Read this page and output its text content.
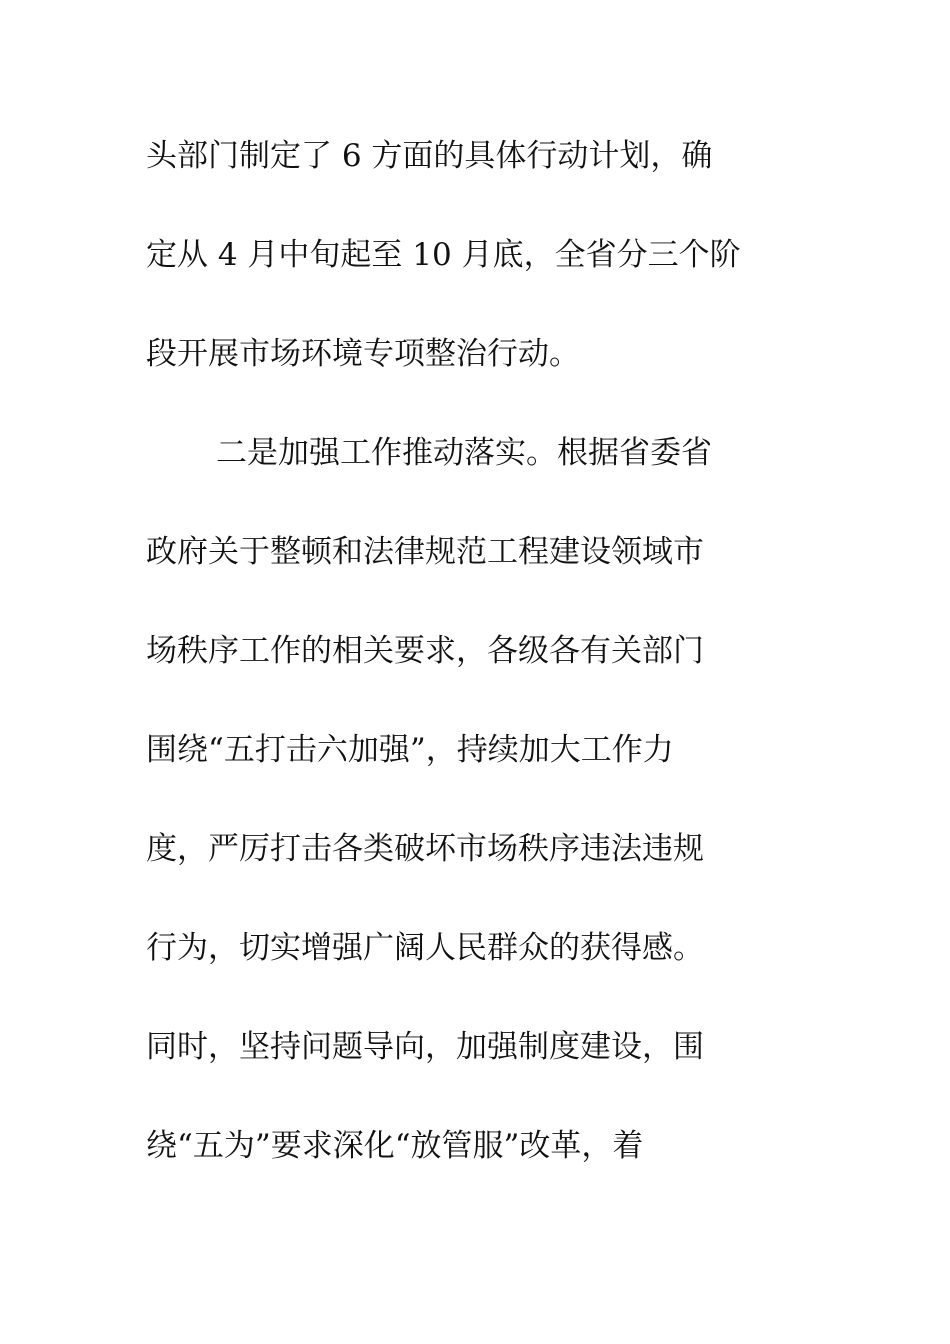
头部门制定了 6 方面的具体行动计划，确
定从 4 月中旬起至 10 月底，全省分三个阶
段开展市场环境专项整治行动。
二是加强工作推动落实。根据省委省
政府关于整顿和法律规范工程建设领域市
场秩序工作的相关要求，各级各有关部门
围绕“五打击六加强”，持续加大工作力
度，严厉打击各类破坏市场秩序违法违规
行为，切实增强广阔人民群众的获得感。
同时，坚持问题导向，加强制度建设，围
绕“五为”要求深化“放管服”改革，着
